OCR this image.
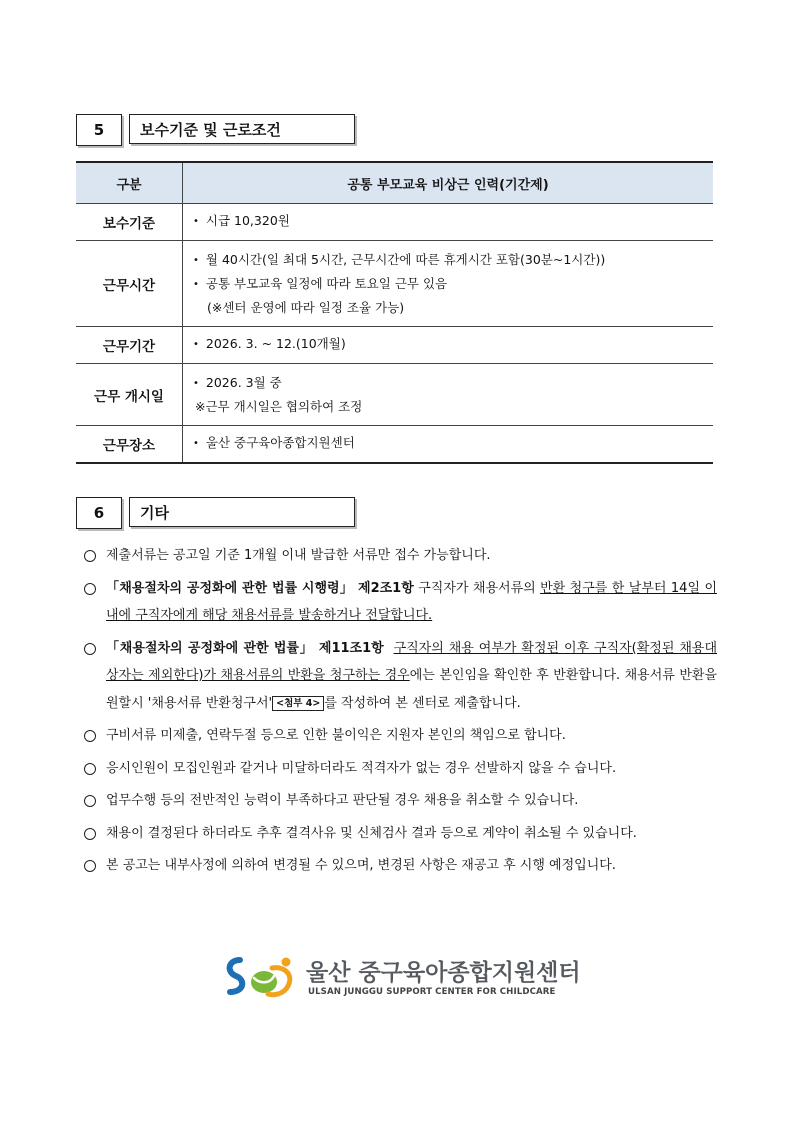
5	보수기준 및 근로조건
구분	공통 부모교육 비상근 인력(기간제)
보수기준	• 시급 10,320원

근무시간	• 월 40시간(일 최대 5시간, 근무시간에 따른 휴게시간 포함(30분~1시간))
• 공통 부모교육 일정에 따라 토요일 근무 있음
(※센터 운영에 따라 일정 조율 가능)

근무기간	• 2026. 3. ~ 12.(10개월)

근무 개시일	• 2026. 3월 중
※근무 개시일은 협의하여 조정

근무장소	• 울산 중구육아종합지원센터
6	기타
제출서류는 공고일 기준 1개월 이내 발급한 서류만 접수 가능합니다.
「채용절차의 공정화에 관한 법률 시행령」 제2조1항 구직자가 채용서류의 반환 청구를 한 날부터 14일 이내에 구직자에게 해당 채용서류를 발송하거나 전달합니다.
「채용절차의 공정화에 관한 법률」 제11조1항 구직자의 채용 여부가 확정된 이후 구직자(확정된 채용대상자는 제외한다)가 채용서류의 반환을 청구하는 경우에는 본인임을 확인한 후 반환합니다. 채용서류 반환을 원할시 '채용서류 반환청구서' <첨부 4> 를 작성하여 본 센터로 제출합니다.
구비서류 미제출, 연락두절 등으로 인한 불이익은 지원자 본인의 책임으로 합니다.
응시인원이 모집인원과 같거나 미달하더라도 적격자가 없는 경우 선발하지 않을 수 습니다.
업무수행 등의 전반적인 능력이 부족하다고 판단될 경우 채용을 취소할 수 있습니다.
채용이 결정된다 하더라도 추후 결격사유 및 신체검사 결과 등으로 계약이 취소될 수 있습니다.
본 공고는 내부사정에 의하여 변경될 수 있으며, 변경된 사항은 재공고 후 시행 예정입니다.
울산 중구육아종합지원센터
ULSAN JUNGGU SUPPORT CENTER FOR CHILDCARE
